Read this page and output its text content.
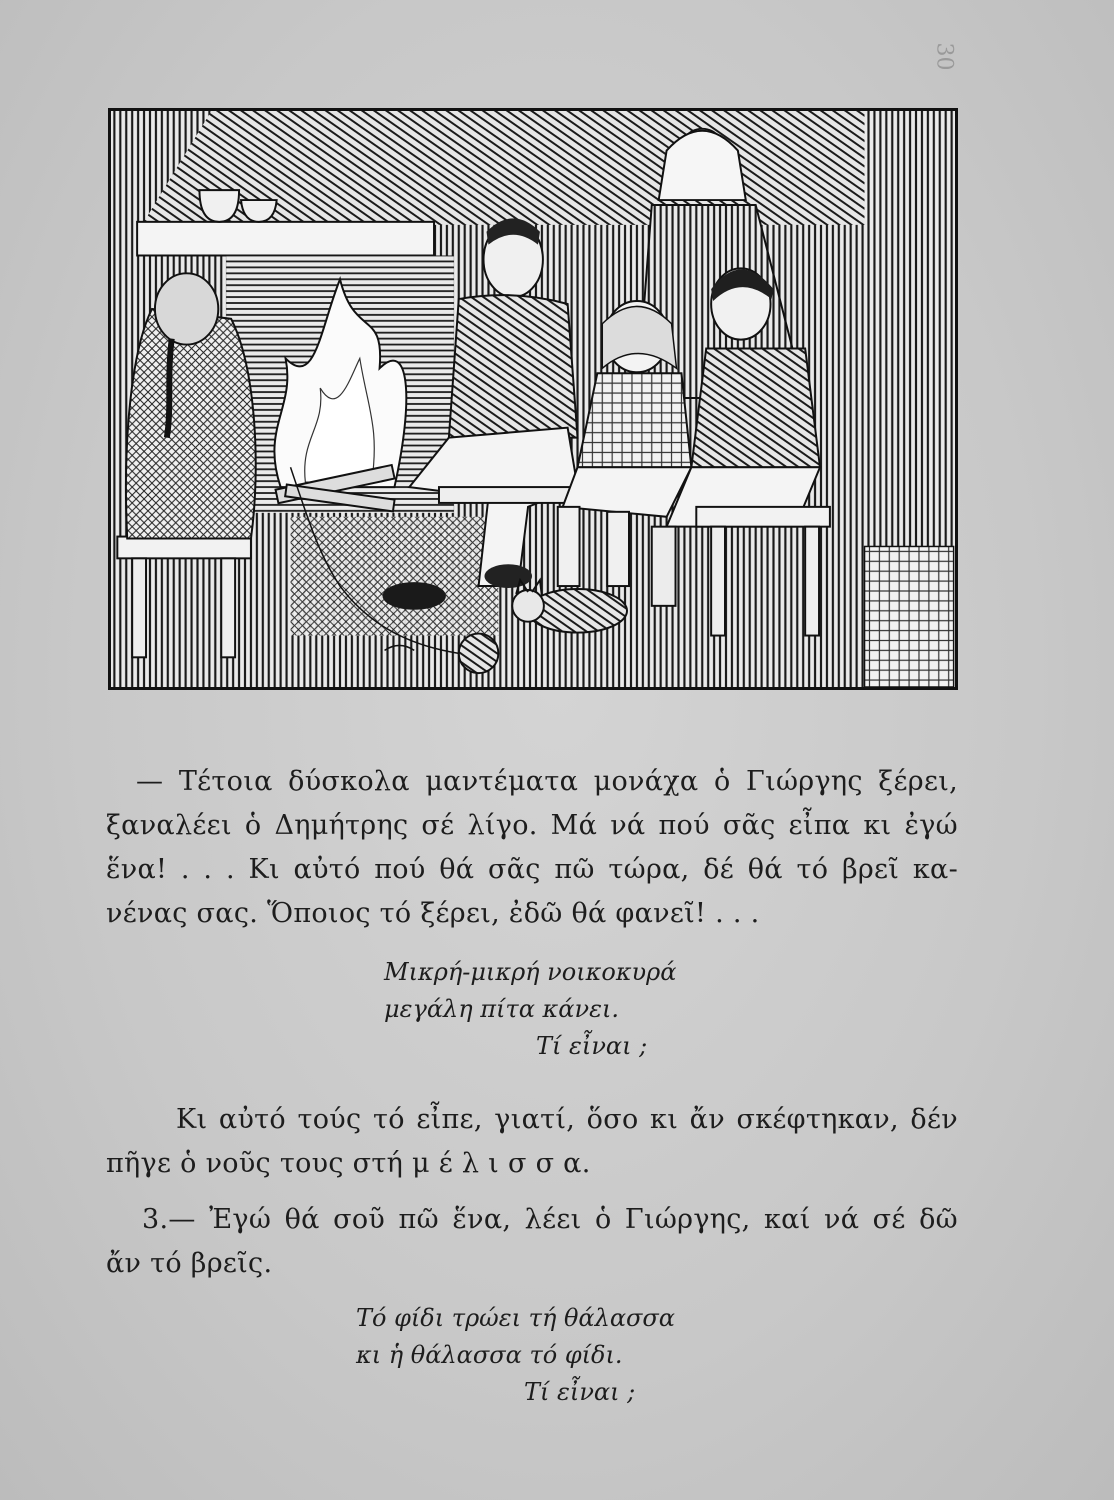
30
— Τέτοια δύσκολα μαντέματα μονάχα ὁ Γιώργης ξέρει,
ξαναλέει ὁ Δημήτρης σέ λίγο. Μά νά πού σᾶς εἶπα κι ἐγώ
ἕνα! . . . Κι αὐτό πού θά σᾶς πῶ τώρα, δέ θά τό βρεῖ κα-
νένας σας. Ὅποιος τό ξέρει, ἐδῶ θά φανεῖ! . . .
Μικρή-μικρή νοικοκυρά
μεγάλη πίτα κάνει.
Τί εἶναι ;
Κι αὐτό τούς τό εἶπε, γιατί, ὅσο κι ἄν σκέφτηκαν, δέν
πῆγε ὁ νοῦς τους στή μ έ λ ι σ σ α.
3.— Ἐγώ θά σοῦ πῶ ἕνα, λέει ὁ Γιώργης, καί νά σέ δῶ
ἄν τό βρεῖς.
Τό φίδι τρώει τή θάλασσα
κι ἡ θάλασσα τό φίδι.
Τί εἶναι ;
